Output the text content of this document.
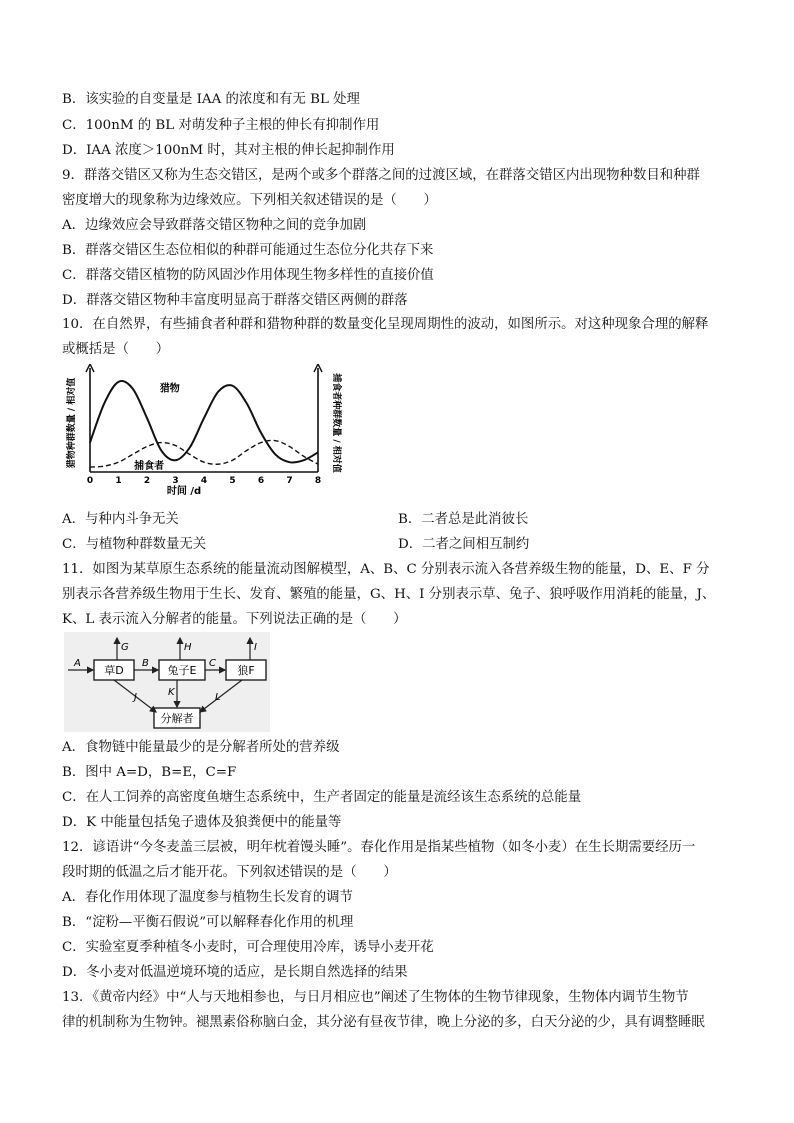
B．该实验的自变量是 IAA 的浓度和有无 BL 处理
C．100nM 的 BL 对萌发种子主根的伸长有抑制作用
D．IAA 浓度＞100nM 时，其对主根的伸长起抑制作用
9．群落交错区又称为生态交错区，是两个或多个群落之间的过渡区域，在群落交错区内出现物种数目和种群
密度增大的现象称为边缘效应。下列相关叙述错误的是（　　）
A．边缘效应会导致群落交错区物种之间的竞争加剧
B．群落交错区生态位相似的种群可能通过生态位分化共存下来
C．群落交错区植物的防风固沙作用体现生物多样性的直接价值
D．群落交错区物种丰富度明显高于群落交错区两侧的群落
10．在自然界，有些捕食者种群和猎物种群的数量变化呈现周期性的波动，如图所示。对这种现象合理的解释
或概括是（　　）
0 1 2 3 4 5 6 7 8
时间 /d
猎物种群数量 / 相对值	捕食者种群数量 / 相对值
猎物
捕食者
A．与种内斗争无关	B．二者总是此消彼长
C．与植物种群数量无关	D．二者之间相互制约
11．如图为某草原生态系统的能量流动图解模型，A、B、C 分别表示流入各营养级生物的能量，D、E、F 分
别表示各营养级生物用于生长、发育、繁殖的能量，G、H、I 分别表示草、兔子、狼呼吸作用消耗的能量，J、
K、L 表示流入分解者的能量。下列说法正确的是（　　）
草D	兔子E	狼F
分解者
A	B	C
G	H	I
J	K	L
A．食物链中能量最少的是分解者所处的营养级
B．图中 A=D，B=E，C=F
C．在人工饲养的高密度鱼塘生态系统中，生产者固定的能量是流经该生态系统的总能量
D．K 中能量包括兔子遗体及狼粪便中的能量等
12．谚语讲“今冬麦盖三层被，明年枕着馒头睡”。春化作用是指某些植物（如冬小麦）在生长期需要经历一
段时期的低温之后才能开花。下列叙述错误的是（　　）
A．春化作用体现了温度参与植物生长发育的调节
B．“淀粉—平衡石假说”可以解释春化作用的机理
C．实验室夏季种植冬小麦时，可合理使用冷库，诱导小麦开花
D．冬小麦对低温逆境环境的适应，是长期自然选择的结果
13．《黄帝内经》中“人与天地相参也，与日月相应也”阐述了生物体的生物节律现象，生物体内调节生物节
律的机制称为生物钟。褪黑素俗称脑白金，其分泌有昼夜节律，晚上分泌的多，白天分泌的少，具有调整睡眠
